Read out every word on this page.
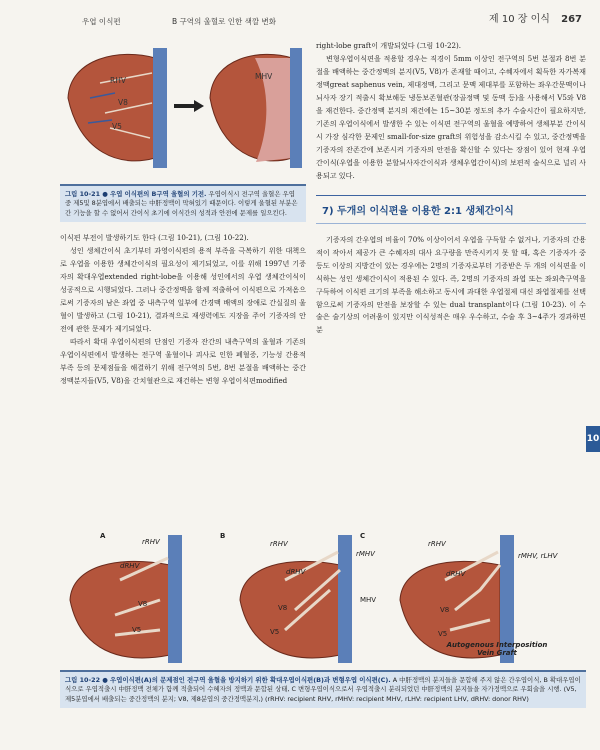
제 10 장 이식 267
10
우엽 이식편	B 구역의 울혈로 인한 색깔 변화
RHV
V8
V5
MHV
그림 10-21 ● 우엽 이식편의 B구역 울혈의 기전. 우엽이식시 전구역 울혈은 우엽중 제5및 8분엽에서 배출되는 中肝정맥이 막혀있기 때문이다. 이렇게 울혈된 부분은 간 기능을 할 수 없어서 간이식 초기에 이식간의 성적과 안전에 문제를 일으킨다.

이식편 부전이 발생하기도 한다 (그림 10-21), (그림 10-22).

성인 생체간이식 초기부터 과영이식편의 용적 부족을 극복하기 위한 대책으로 우엽을 이용한 생체간이식의 필요성이 제기되었고, 이를 위해 1997년 기증자의 확대우엽extended right-lobe을 이용해 성인에서의 우엽 생체간이식이 성공적으로 시행되었다. 그러나 중간정맥을 함께 적출하여 이식편으로 가져옴으로써 기증자의 남은 좌엽 중 내측구역 일부에 간경맥 배액의 장애로 간실질의 울혈이 발생하고 (그림 10-21), 결과적으로 재생력에도 지장을 주어 기증자의 안전에 관한 문제가 제기되었다.

따라서 확대 우엽이식편의 단점인 기증자 잔간의 내측구역의 울혈과 기존의 우엽이식편에서 발생하는 전구역 울혈이나 괴사로 인한 폐혈증, 기능성 간용적 부족 등의 문제점들을 해결하기 위해 전구역의 5번, 8번 분절을 배액하는 중간정맥분지들(V5, V8)을 간치혈관으로 재건하는 변형 우엽이식편modified

right-lobe graft이 개발되었다 (그림 10-22).

변형우엽이식편을 적용할 경우는 직경이 5mm 이상인 전구역의 5번 분절과 8번 분절을 배액하는 중간정맥의 분지(V5, V8)가 존재할 때이고, 수혜자에서 획득한 자가복재정맥great saphenus vein, 제대정맥, 그리고 문맥 제대부를 포함하는 좌우간문맥이나 뇌사자 장기 적출시 확보해둔 냉동보존혈관(장골정맥 및 동맥 등)을 사용해서 V5와 V8을 재건한다. 중간정맥 분지의 재건에는 15~30분 정도의 추가 수술시간이 필요하지만, 기존의 우엽이식에서 발생한 수 있는 이식편 전구역의 울혈을 예방하여 생체부분 간이식시 가장 심각한 문제인 small-for-size graft의 위험성을 감소시킬 수 있고, 중간정맥을 기증자의 잔존간에 보존시켜 기증자의 안전을 확신할 수 있다는 장점이 있어 현재 우엽간이식(우엽을 이용한 분할뇌사자간이식과 생체우엽간이식)의 보편적 술식으로 널리 사용되고 있다.

7) 두개의 이식편을 이용한 2:1 생체간이식

기증자의 간우엽의 비율이 70% 이상이어서 우엽을 구득할 수 없거나, 기증자의 간용적이 작아서 제공가 큰 수혜자의 대사 요구량을 만족시키지 못 할 때, 혹은 기증자가 중등도 이상의 지방간이 있는 경우에는 2명의 기증자로부터 기증받은 두 개의 이식편을 이식하는 성인 생체간이식이 적용된 수 있다. 즉, 2명의 기증자의 좌엽 또는 좌외측구역을 구득하여 이식편 크기의 부족을 해소하고 동시에 과대한 우엽절제 대신 좌엽절제를 선택함으로써 기증자의 안전을 보장할 수 있는 dual transplant이다 (그림 10-23). 이 수술은 술기상의 어려움이 있지만 이식성적은 매우 우수하고, 수술 후 3~4주가 경과하면 분

A	B	C
rRHV
dRHV
V8
V5
rRHV
rMHV
dRHV
V8
V5
MHV
rRHV
rMHV, rLHV
dRHV
V8
V5
Autogenous Interposition Vein Graft
그림 10-22 ● 우엽이식편(A)의 문제점인 전구역 울혈을 방지하기 위한 확대우엽이식편(B)과 변형우엽 이식편(C). A 中肝정맥의 분지들을 문합해 주지 않은 간우엽이식, B 확대우엽이식으로 우엽적출시 中肝정맥 전체가 함께 적출되어 수혜자의 정맥과 문합된 상태, C 변형우엽이식으로서 우엽적출시 분리되었던 中肝정맥의 분지들을 자가정맥으로 우회술을 시행. (V5, 제5분엽에서 배출되는 중간정맥의 분지; V8, 제8분엽의 중간정맥분지,) (rRHV: recipient RHV, rMHV: recipient MHV, rLHV: recipient LHV, dRHV: donor RHV)
